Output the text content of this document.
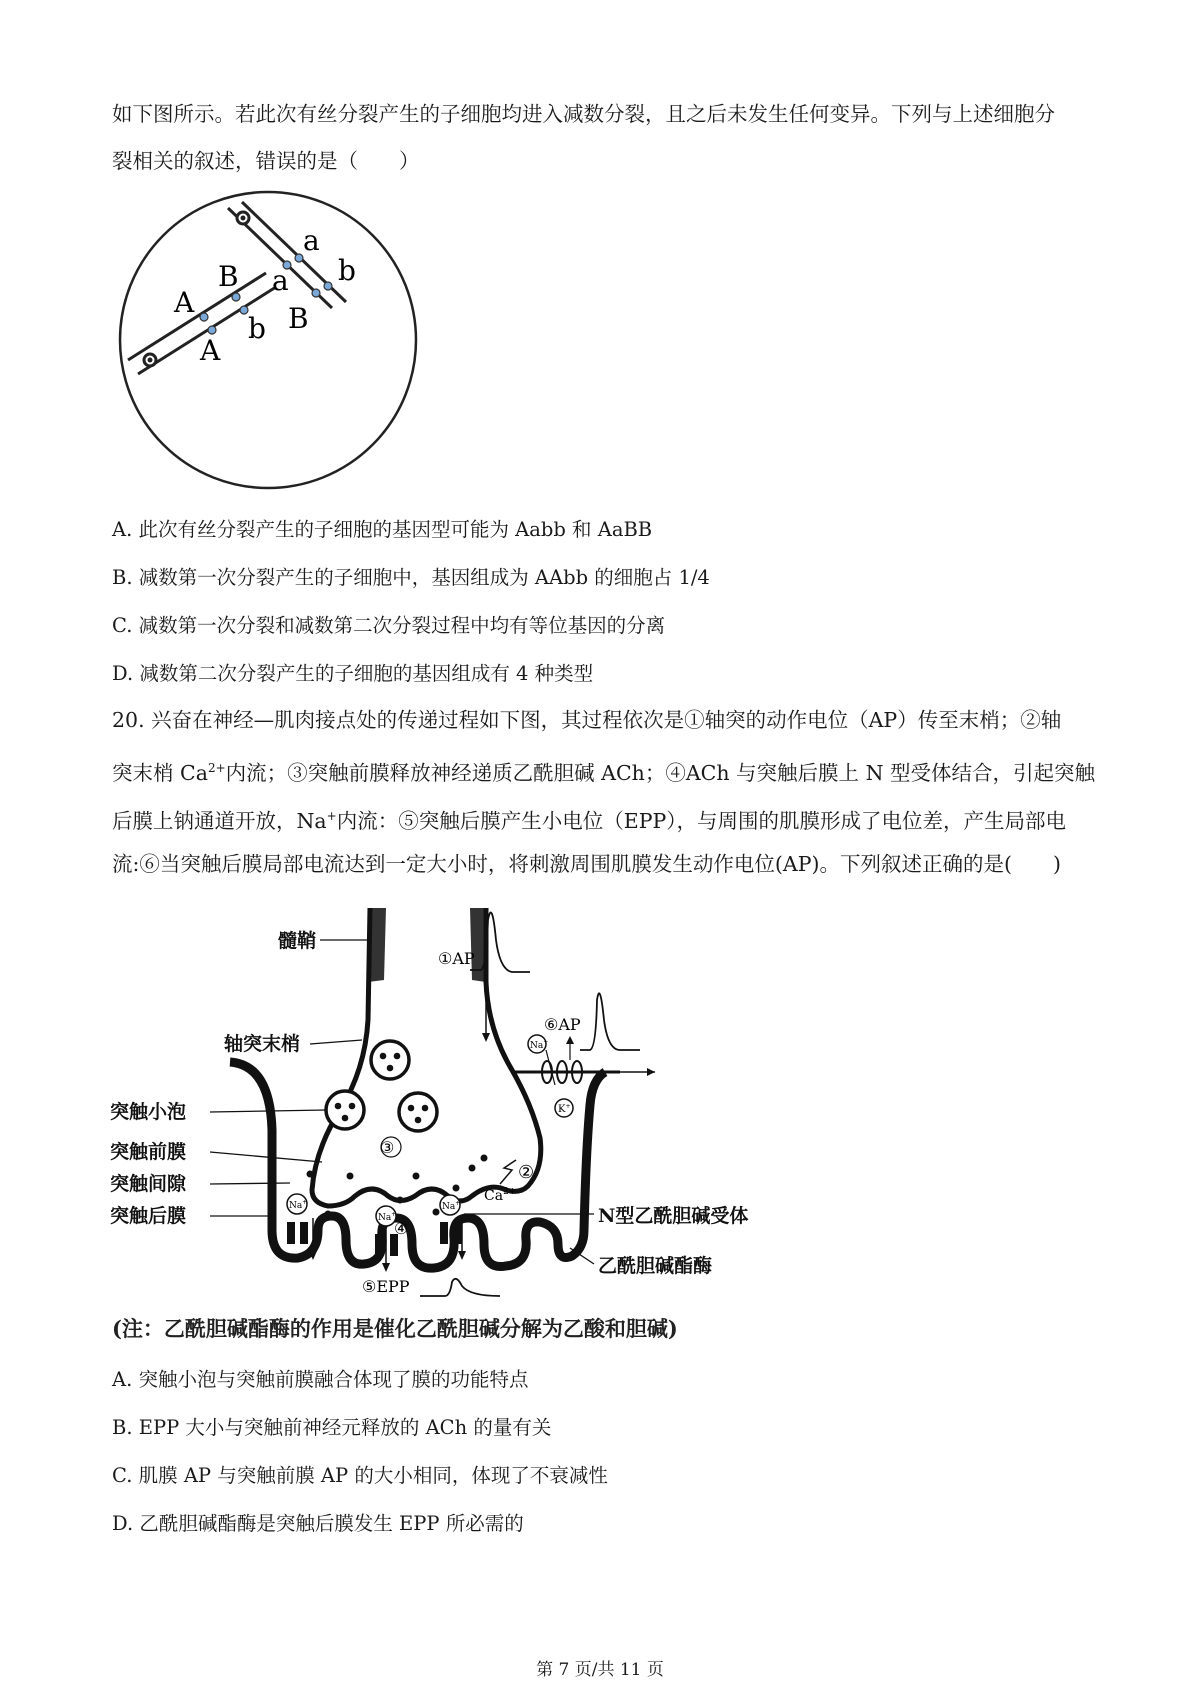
如下图所示。若此次有丝分裂产生的子细胞均进入减数分裂，且之后未发生任何变异。下列与上述细胞分
裂相关的叙述，错误的是（　　）
A
B
A
b
a
a b
B
A. 此次有丝分裂产生的子细胞的基因型可能为 Aabb 和 AaBB
B. 减数第一次分裂产生的子细胞中，基因组成为 AAbb 的细胞占 1/4
C. 减数第一次分裂和减数第二次分裂过程中均有等位基因的分离
D. 减数第二次分裂产生的子细胞的基因组成有 4 种类型
20. 兴奋在神经—肌肉接点处的传递过程如下图，其过程依次是①轴突的动作电位（AP）传至末梢；②轴
突末梢 $Ca^{2+}$内流；③突触前膜释放神经递质乙酰胆碱 ACh；④ACh 与突触后膜上 N 型受体结合，引起突触
后膜上钠通道开放，Na+内流：⑤突触后膜产生小电位（EPP），与周围的肌膜形成了电位差，产生局部电
流:⑥当突触后膜局部电流达到一定大小时，将刺激周围肌膜发生动作电位(AP)。下列叙述正确的是(　　)
Na+
K+
①AP
⑥AP
Na+
Na+
Na+
③
④
②
$Ca^{2+}$
⑤EPP
髓鞘
轴突末梢
突触小泡
突触前膜
突触间隙
突触后膜	N型乙酰胆碱受体
乙酰胆碱酯酶
(注：乙酰胆碱酯酶的作用是催化乙酰胆碱分解为乙酸和胆碱)
A. 突触小泡与突触前膜融合体现了膜的功能特点
B. EPP 大小与突触前神经元释放的 ACh 的量有关
C. 肌膜 AP 与突触前膜 AP 的大小相同，体现了不衰减性
D. 乙酰胆碱酯酶是突触后膜发生 EPP 所必需的
第 7 页/共 11 页
